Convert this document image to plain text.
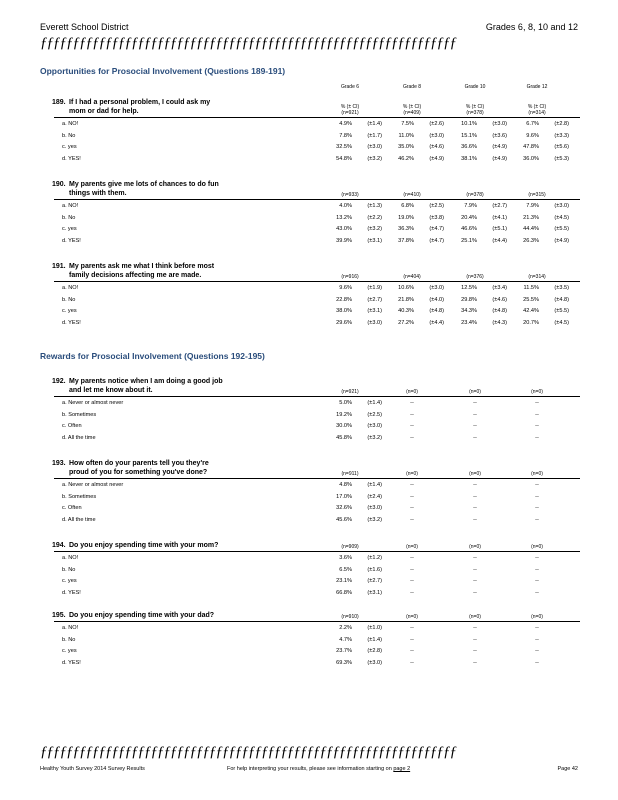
Everett School District	Grades 6, 8, 10 and 12
ƒƒƒƒƒƒƒƒƒƒƒƒƒƒƒƒƒƒƒƒƒƒƒƒƒƒƒƒƒƒƒƒƒƒƒƒƒƒƒƒƒƒƒƒƒƒƒƒƒƒƒƒƒƒƒƒƒƒƒƒƒƒƒƒ
Opportunities for Prosocial Involvement (Questions 189-191)
Grade 6	Grade 8	Grade 10	Grade 12
189. If I had a personal problem, I could ask my
mom or dad for help.
% (± CI)	% (± CI)	% (± CI)	% (± CI)
(n=921)	(n=409)	(n=378)	(n=314)
a. NO!	4.9%	(±1.4)	7.5%	(±2.6)	10.1%	(±3.0)	6.7%	(±2.8)
b. No	7.8%	(±1.7)	11.0%	(±3.0)	15.1%	(±3.6)	9.6%	(±3.3)
c. yes	32.5%	(±3.0)	35.0%	(±4.6)	36.6%	(±4.9)	47.8%	(±5.6)
d. YES!	54.8%	(±3.2)	46.2%	(±4.9)	38.1%	(±4.9)	36.0%	(±5.3)
190. My parents give me lots of chances to do fun
things with them.	(n=933)	(n=410)	(n=378)	(n=315)
a. NO!	4.0%	(±1.3)	6.8%	(±2.5)	7.9%	(±2.7)	7.9%	(±3.0)
b. No	13.2%	(±2.2)	19.0%	(±3.8)	20.4%	(±4.1)	21.3%	(±4.5)
c. yes	43.0%	(±3.2)	36.3%	(±4.7)	46.6%	(±5.1)	44.4%	(±5.5)
d. YES!	39.9%	(±3.1)	37.8%	(±4.7)	25.1%	(±4.4)	26.3%	(±4.9)
191. My parents ask me what I think before most
family decisions affecting me are made.	(n=916)	(n=404)	(n=376)	(n=314)
a. NO!	9.6%	(±1.9)	10.6%	(±3.0)	12.5%	(±3.4)	11.5%	(±3.5)
b. No	22.8%	(±2.7)	21.8%	(±4.0)	29.8%	(±4.6)	25.5%	(±4.8)
c. yes	38.0%	(±3.1)	40.3%	(±4.8)	34.3%	(±4.8)	42.4%	(±5.5)
d. YES!	29.6%	(±3.0)	27.2%	(±4.4)	23.4%	(±4.3)	20.7%	(±4.5)
192. My parents notice when I am doing a good job
and let me know about it.	(n=921)	(n=0)	(n=0)	(n=0)
a. Never or almost never	5.0%	(±1.4)	--	--	--
b. Sometimes	19.2%	(±2.5)	--	--	--
c. Often	30.0%	(±3.0)	--	--	--
d. All the time	45.8%	(±3.2)	--	--	--
193. How often do your parents tell you they're
proud of you for something you've done?	(n=911)	(n=0)	(n=0)	(n=0)
a. Never or almost never	4.8%	(±1.4)	--	--	--
b. Sometimes	17.0%	(±2.4)	--	--	--
c. Often	32.6%	(±3.0)	--	--	--
d. All the time	45.6%	(±3.2)	--	--	--
194. Do you enjoy spending time with your mom?	(n=909)	(n=0)	(n=0)	(n=0)
a. NO!	3.6%	(±1.2)	--	--	--
b. No	6.5%	(±1.6)	--	--	--
c. yes	23.1%	(±2.7)	--	--	--
d. YES!	66.8%	(±3.1)	--	--	--
195. Do you enjoy spending time with your dad?	(n=910)	(n=0)	(n=0)	(n=0)
a. NO!	2.2%	(±1.0)	--	--	--
b. No	4.7%	(±1.4)	--	--	--
c. yes	23.7%	(±2.8)	--	--	--
d. YES!	69.3%	(±3.0)	--	--	--
Rewards for Prosocial Involvement (Questions 192-195)
ƒƒƒƒƒƒƒƒƒƒƒƒƒƒƒƒƒƒƒƒƒƒƒƒƒƒƒƒƒƒƒƒƒƒƒƒƒƒƒƒƒƒƒƒƒƒƒƒƒƒƒƒƒƒƒƒƒƒƒƒƒƒƒƒ
Healthy Youth Survey 2014 Survey Results	For help interpreting your results, please see information starting on page 2	Page 42
